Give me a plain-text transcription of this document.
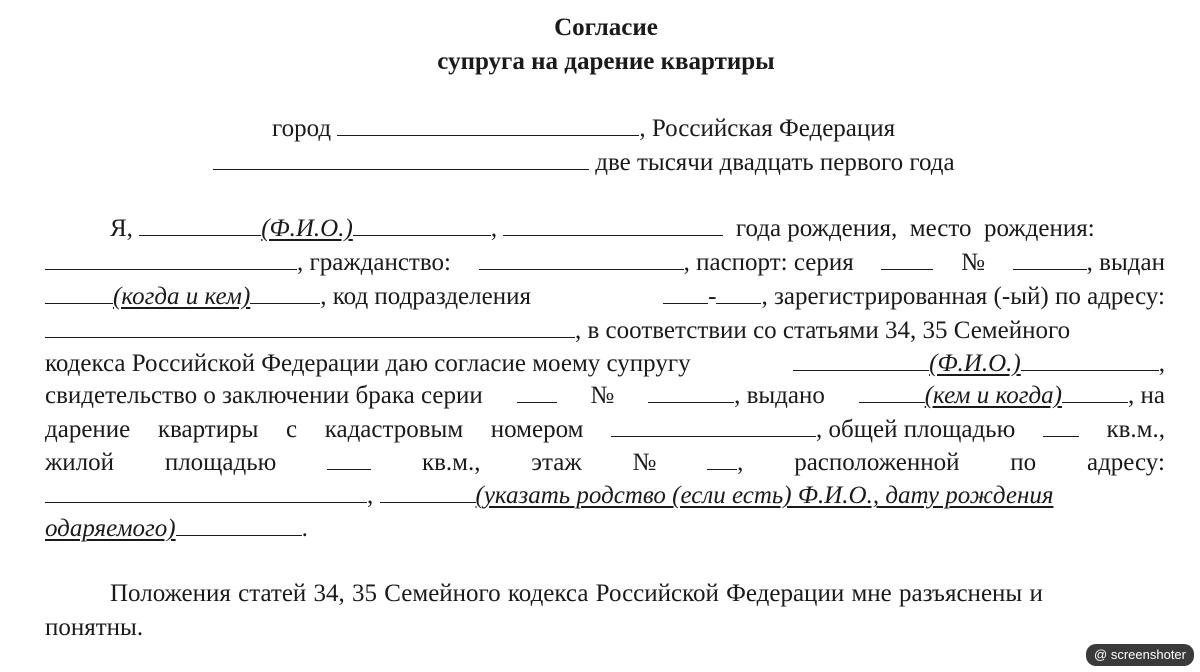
Согласие
супруга на дарение квартиры
город	, Российская Федерация
две тысячи двадцать первого года
Я,	(Ф.И.О.)	,	года рождения, место рождения:
, гражданство:	, паспорт: серия	№	, выдан
(когда и кем)	, код подразделения	- , зарегистрированная (-ый) по адресу:
, в соответствии со статьями 34, 35 Семейного
кодекса Российской Федерации даю согласие моему супругу	(Ф.И.О.)	,
свидетельство о заключении брака серии	№	, выдано	(кем и когда)	, на
дарение квартиры с кадастровым номером	, общей площадью	кв.м.,
жилой площадью	кв.м., этаж №	, расположенной по адресу:
,	(указать родство (если есть) Ф.И.О., дату рождения
одаряемого)	.
Положения статей 34, 35 Семейного кодекса Российской Федерации мне разъяснены и
понятны.
@ screenshoter
